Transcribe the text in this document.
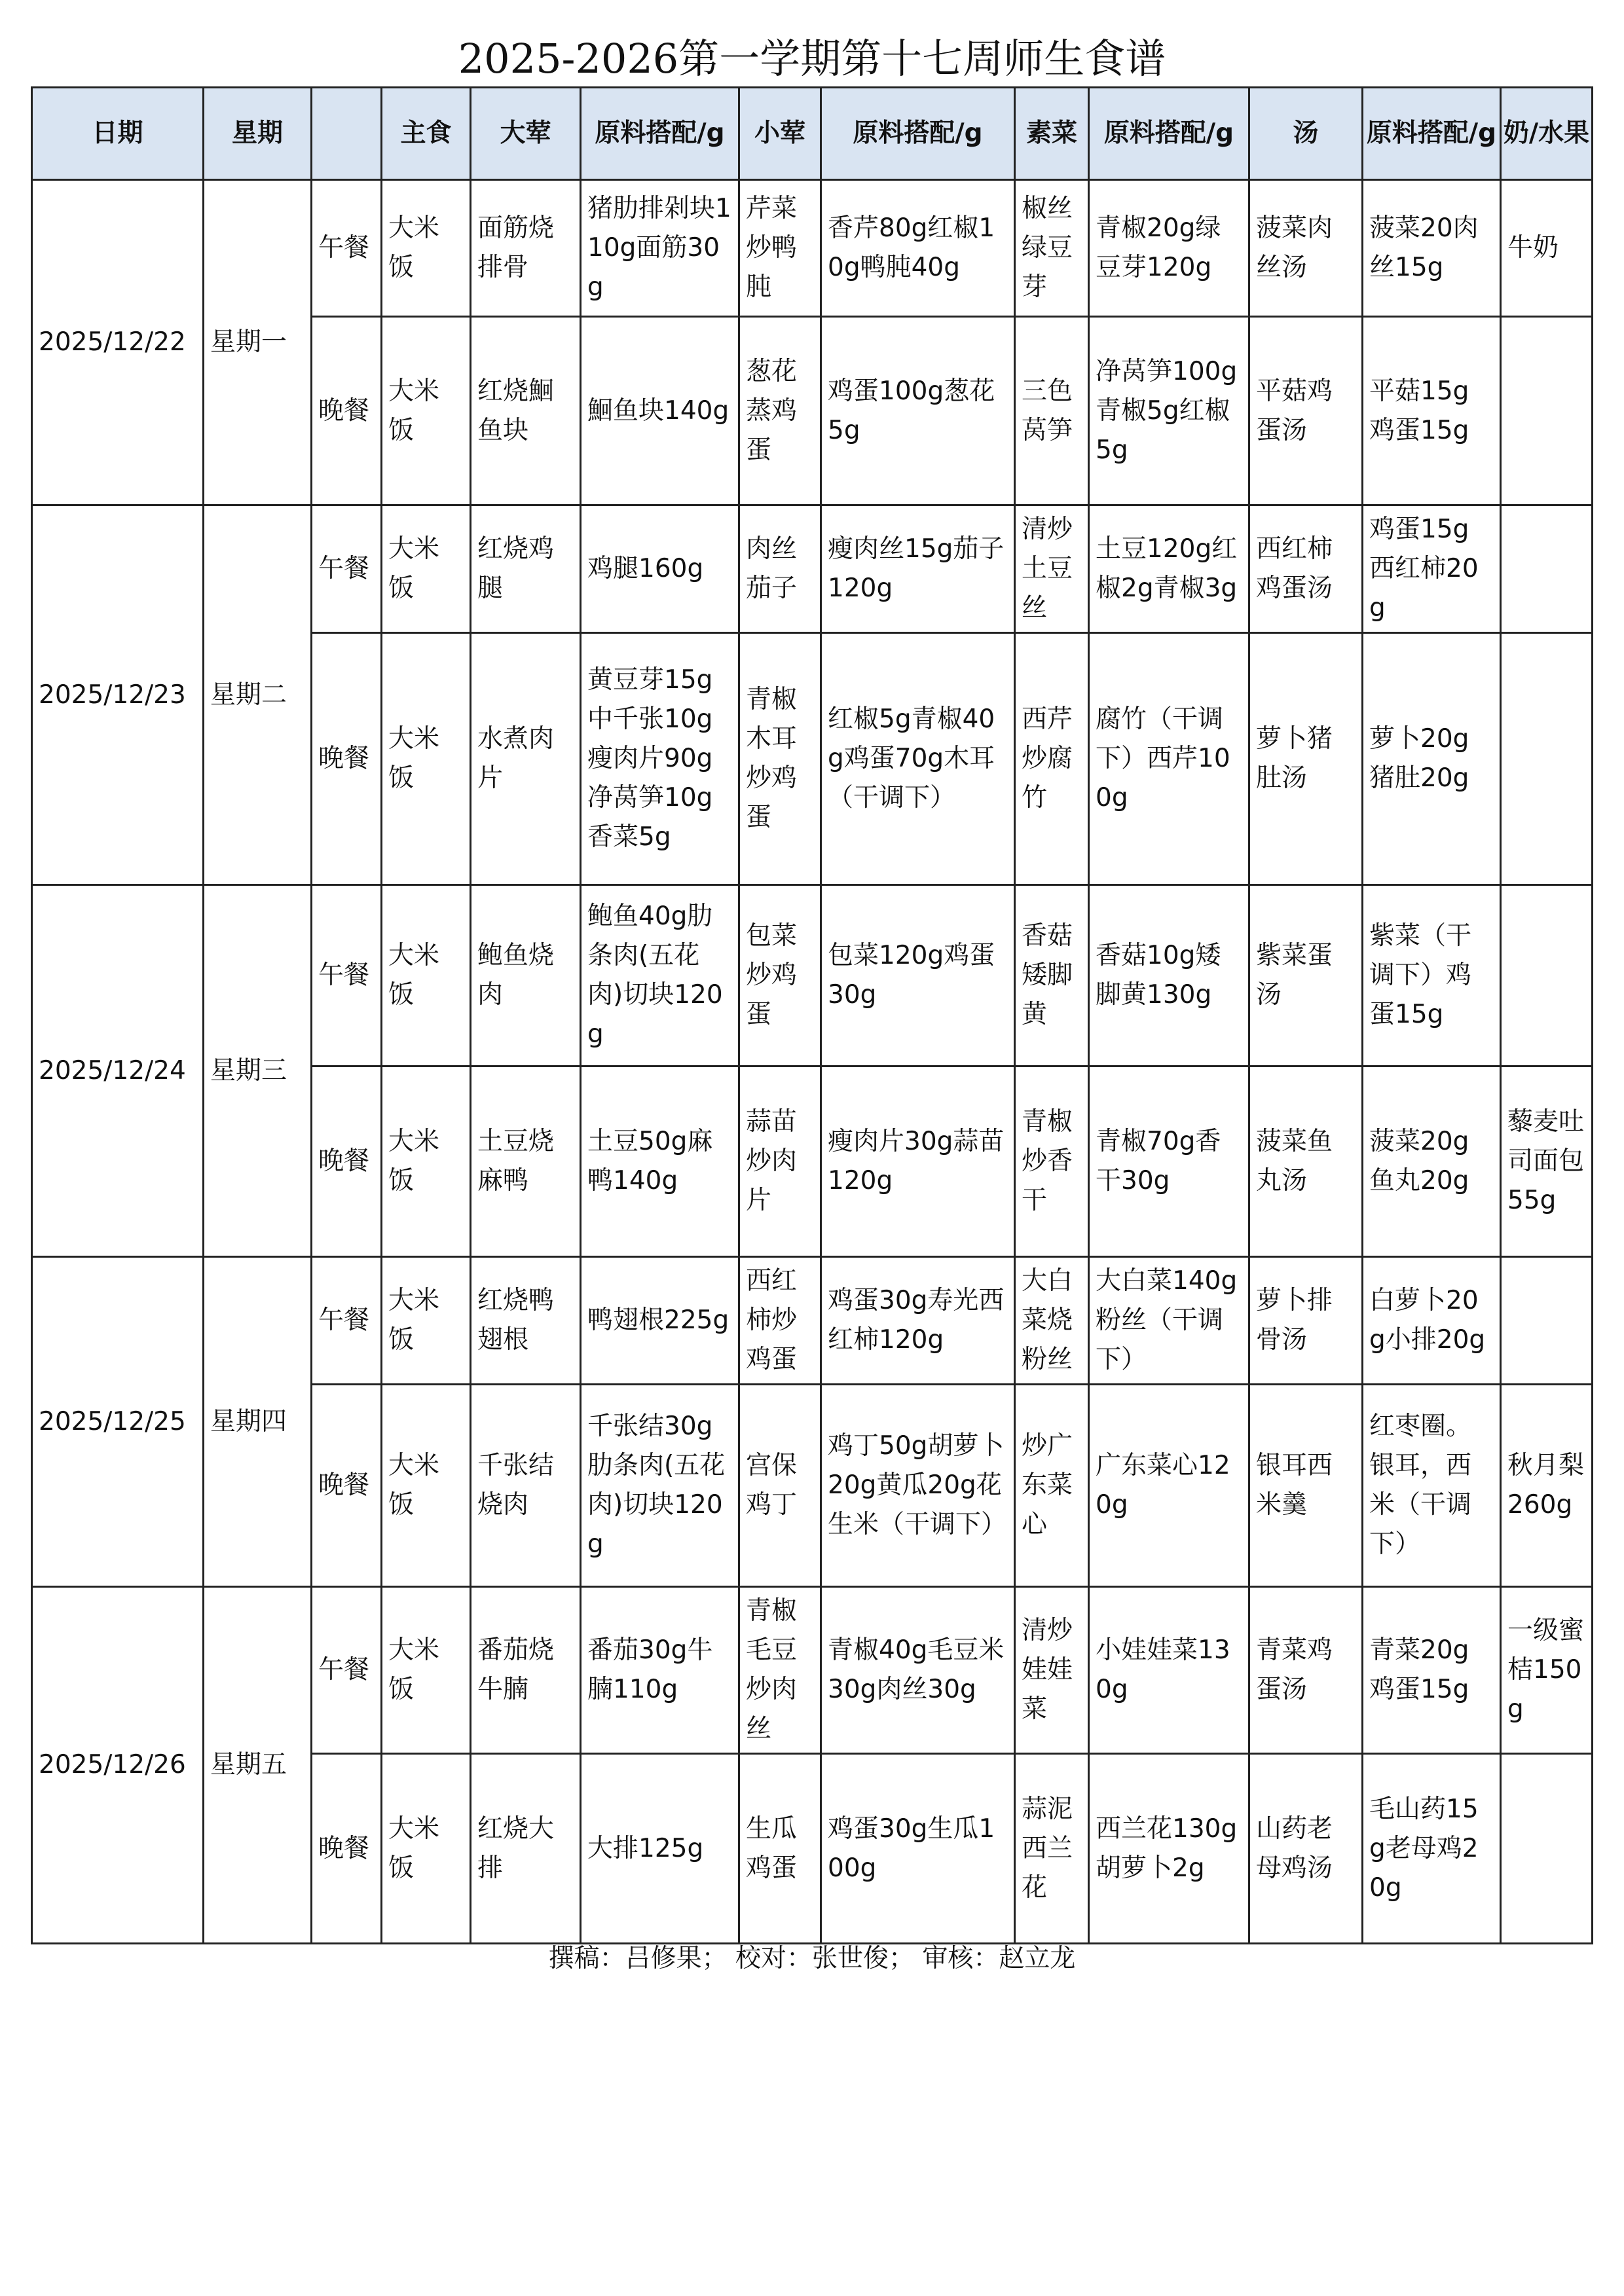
2025-2026第一学期第十七周师生食谱
日期	星期		主食	大荤	原料搭配/g	小荤	原料搭配/g	素菜	原料搭配/g	汤	原料搭配/g	奶/水果
2025/12/22	星期一	午餐	大米饭	面筋烧排骨	猪肋排剁块110g面筋30g	芹菜炒鸭肫	香芹80g红椒10g鸭肫40g	椒丝绿豆芽	青椒20g绿豆芽120g	菠菜肉丝汤	菠菜20肉丝15g	牛奶
		晚餐	大米饭	红烧鮰鱼块	鮰鱼块140g	葱花蒸鸡蛋	鸡蛋100g葱花5g	三色莴笋	净莴笋100g青椒5g红椒5g	平菇鸡蛋汤	平菇15g鸡蛋15g	
2025/12/23	星期二	午餐	大米饭	红烧鸡腿	鸡腿160g	肉丝茄子	瘦肉丝15g茄子120g	清炒土豆丝	土豆120g红椒2g青椒3g	西红柿鸡蛋汤	鸡蛋15g西红柿20g	
		晚餐	大米饭	水煮肉片	黄豆芽15g中千张10g瘦肉片90g净莴笋10g香菜5g	青椒木耳炒鸡蛋	红椒5g青椒40g鸡蛋70g木耳（干调下）	西芹炒腐竹	腐竹（干调下）西芹100g	萝卜猪肚汤	萝卜20g猪肚20g	
2025/12/24	星期三	午餐	大米饭	鲍鱼烧肉	鲍鱼40g肋条肉(五花肉)切块120g	包菜炒鸡蛋	包菜120g鸡蛋30g	香菇矮脚黄	香菇10g矮脚黄130g	紫菜蛋汤	紫菜（干调下）鸡蛋15g	
		晚餐	大米饭	土豆烧麻鸭	土豆50g麻鸭140g	蒜苗炒肉片	瘦肉片30g蒜苗120g	青椒炒香干	青椒70g香干30g	菠菜鱼丸汤	菠菜20g鱼丸20g	藜麦吐司面包55g
2025/12/25	星期四	午餐	大米饭	红烧鸭翅根	鸭翅根225g	西红柿炒鸡蛋	鸡蛋30g寿光西红柿120g	大白菜烧粉丝	大白菜140g粉丝（干调下）	萝卜排骨汤	白萝卜20g小排20g	
		晚餐	大米饭	千张结烧肉	千张结30g肋条肉(五花肉)切块120g	宫保鸡丁	鸡丁50g胡萝卜20g黄瓜20g花生米（干调下）	炒广东菜心	广东菜心120g	银耳西米羹	红枣圈。银耳，西米（干调下）	秋月梨260g
2025/12/26	星期五	午餐	大米饭	番茄烧牛腩	番茄30g牛腩110g	青椒毛豆炒肉丝	青椒40g毛豆米30g肉丝30g	清炒娃娃菜	小娃娃菜130g	青菜鸡蛋汤	青菜20g鸡蛋15g	一级蜜桔150g
		晚餐	大米饭	红烧大排	大排125g	生瓜鸡蛋	鸡蛋30g生瓜100g	蒜泥西兰花	西兰花130g胡萝卜2g	山药老母鸡汤	毛山药15g老母鸡20g	
撰稿：吕修果； 校对：张世俊； 审核：赵立龙
